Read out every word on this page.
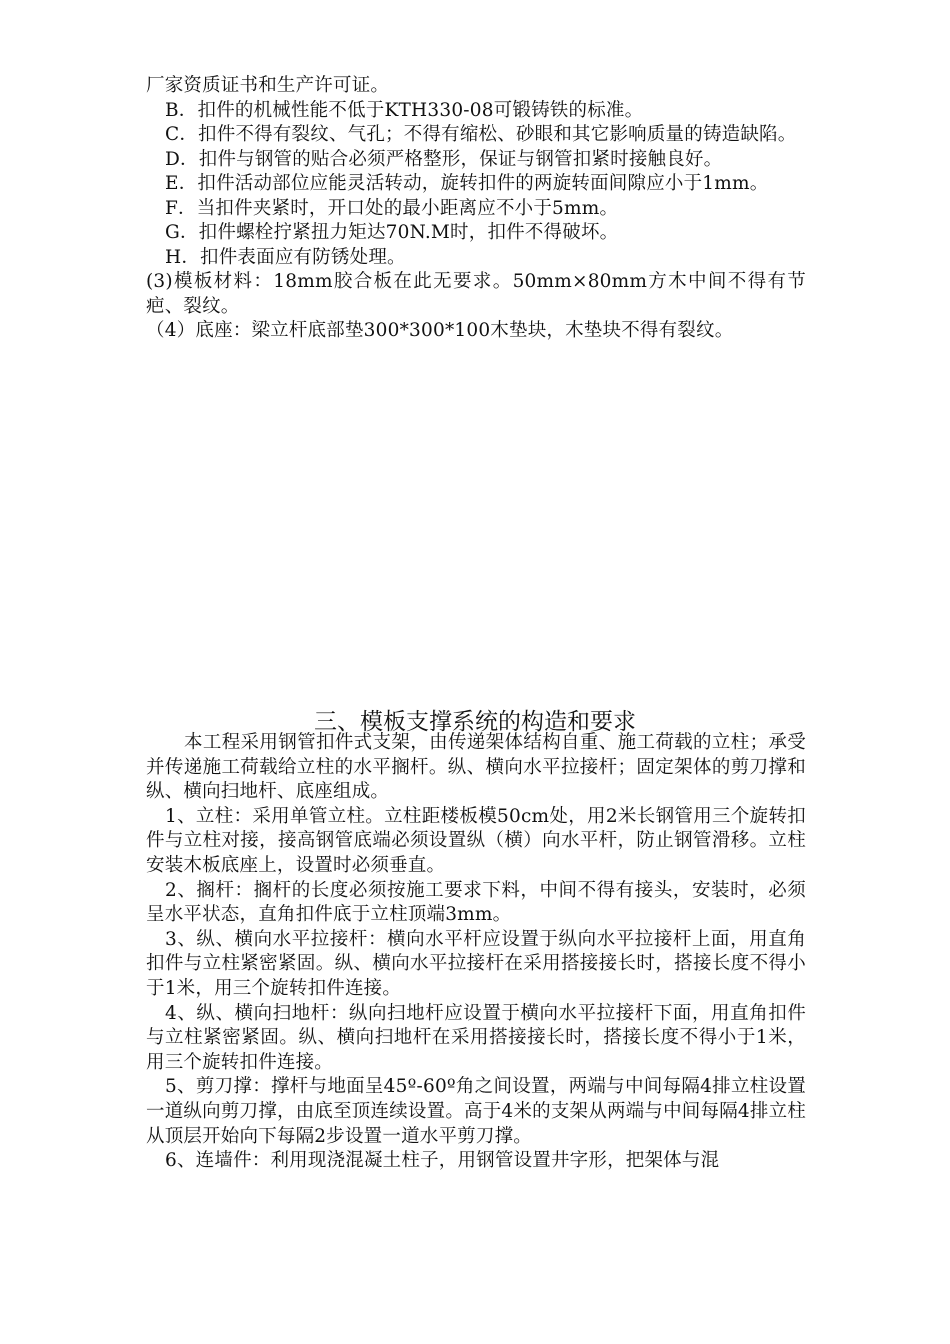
厂家资质证书和生产许可证。

B．扣件的机械性能不低于KTH330-08可锻铸铁的标准。

C．扣件不得有裂纹、气孔；不得有缩松、砂眼和其它影响质量的铸造缺陷。

D．扣件与钢管的贴合必须严格整形，保证与钢管扣紧时接触良好。

E．扣件活动部位应能灵活转动，旋转扣件的两旋转面间隙应小于1mm。

F．当扣件夹紧时，开口处的最小距离应不小于5mm。

G．扣件螺栓拧紧扭力矩达70N.M时，扣件不得破坏。

H．扣件表面应有防锈处理。

(3)模板材料：18mm胶合板在此无要求。50mm×80mm方木中间不得有节疤、裂纹。

（4）底座：梁立杆底部垫300*300*100木垫块，木垫块不得有裂纹。

三、模板支撑系统的构造和要求

本工程采用钢管扣件式支架，由传递架体结构自重、施工荷载的立柱；承受并传递施工荷载给立柱的水平搁杆。纵、横向水平拉接杆；固定架体的剪刀撑和纵、横向扫地杆、底座组成。

1、立柱：采用单管立柱。立柱距楼板模50cm处，用2米长钢管用三个旋转扣件与立柱对接，接高钢管底端必须设置纵（横）向水平杆，防止钢管滑移。立柱安装木板底座上，设置时必须垂直。

2、搁杆：搁杆的长度必须按施工要求下料，中间不得有接头，安装时，必须呈水平状态，直角扣件底于立柱顶端3mm。

3、纵、横向水平拉接杆：横向水平杆应设置于纵向水平拉接杆上面，用直角扣件与立柱紧密紧固。纵、横向水平拉接杆在采用搭接接长时，搭接长度不得小于1米，用三个旋转扣件连接。

4、纵、横向扫地杆：纵向扫地杆应设置于横向水平拉接杆下面，用直角扣件与立柱紧密紧固。纵、横向扫地杆在采用搭接接长时，搭接长度不得小于1米，用三个旋转扣件连接。

5、剪刀撑：撑杆与地面呈45º-60º角之间设置，两端与中间每隔4排立柱设置一道纵向剪刀撑，由底至顶连续设置。高于4米的支架从两端与中间每隔4排立柱从顶层开始向下每隔2步设置一道水平剪刀撑。

6、连墙件：利用现浇混凝土柱子，用钢管设置井字形，把架体与混
